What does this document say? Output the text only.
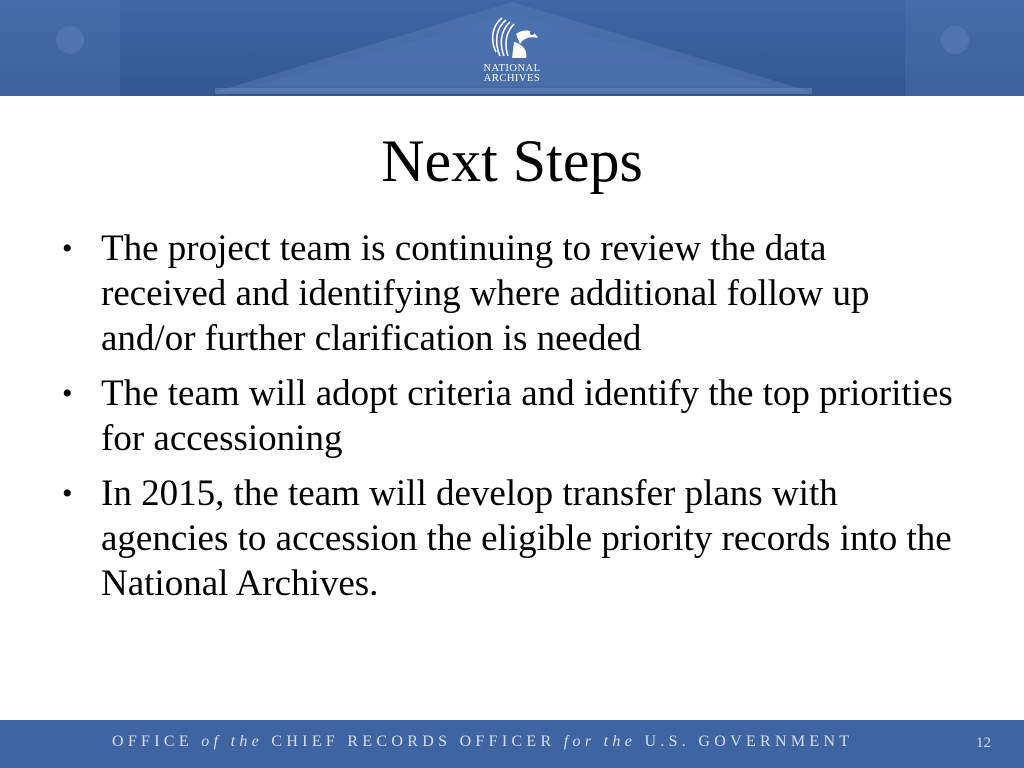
NATIONAL
ARCHIVES
Next Steps
• The project team is continuing to review the data received and identifying where additional follow up and/or further clarification is needed
• The team will adopt criteria and identify the top priorities for accessioning
• In 2015, the team will develop transfer plans with agencies to accession the eligible priority records into the National Archives.
OFFICE of the CHIEF RECORDS OFFICER for the U.S. GOVERNMENT	12
